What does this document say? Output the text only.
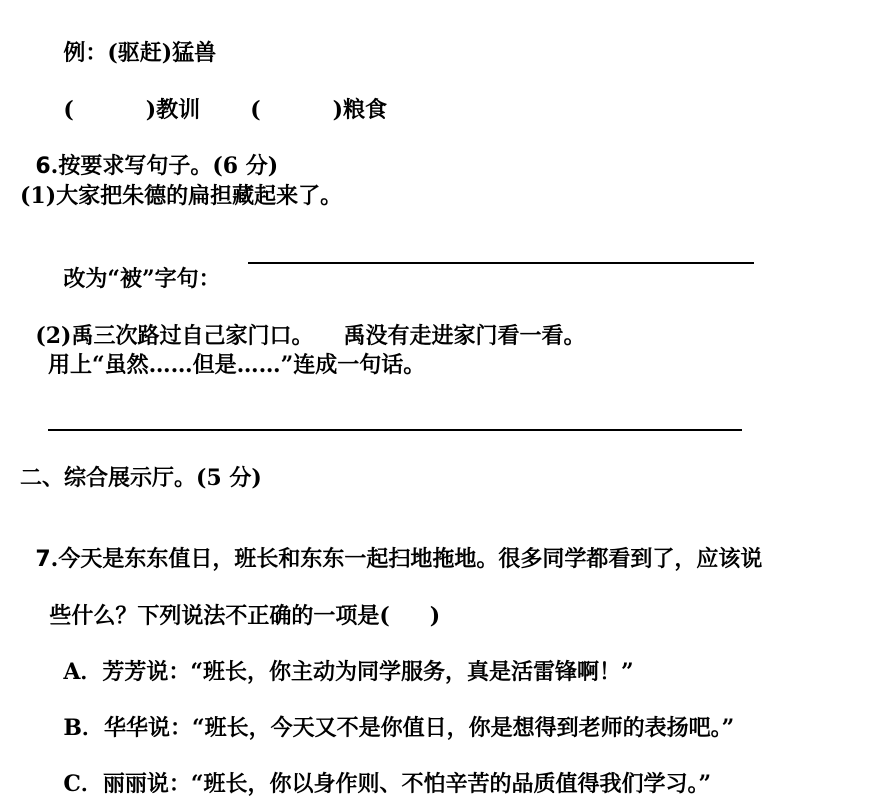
例：(驱赶)猛兽

(	)教训 (	)粮食

6.按要求写句子。(6 分)

(1)大家把朱德的扁担藏起来了。

改为“被”字句：

(2)禹三次路过自己家门口。 禹没有走进家门看一看。

用上“虽然……但是……”连成一句话。
二、综合展示厅。(5 分)

7.今天是东东值日，班长和东东一起扫地拖地。很多同学都看到了，应该说

些什么？下列说法不正确的一项是( )

A．芳芳说：“班长，你主动为同学服务，真是活雷锋啊！”

B．华华说：“班长，今天又不是你值日，你是想得到老师的表扬吧。”

C．丽丽说：“班长，你以身作则、不怕辛苦的品质值得我们学习。”
